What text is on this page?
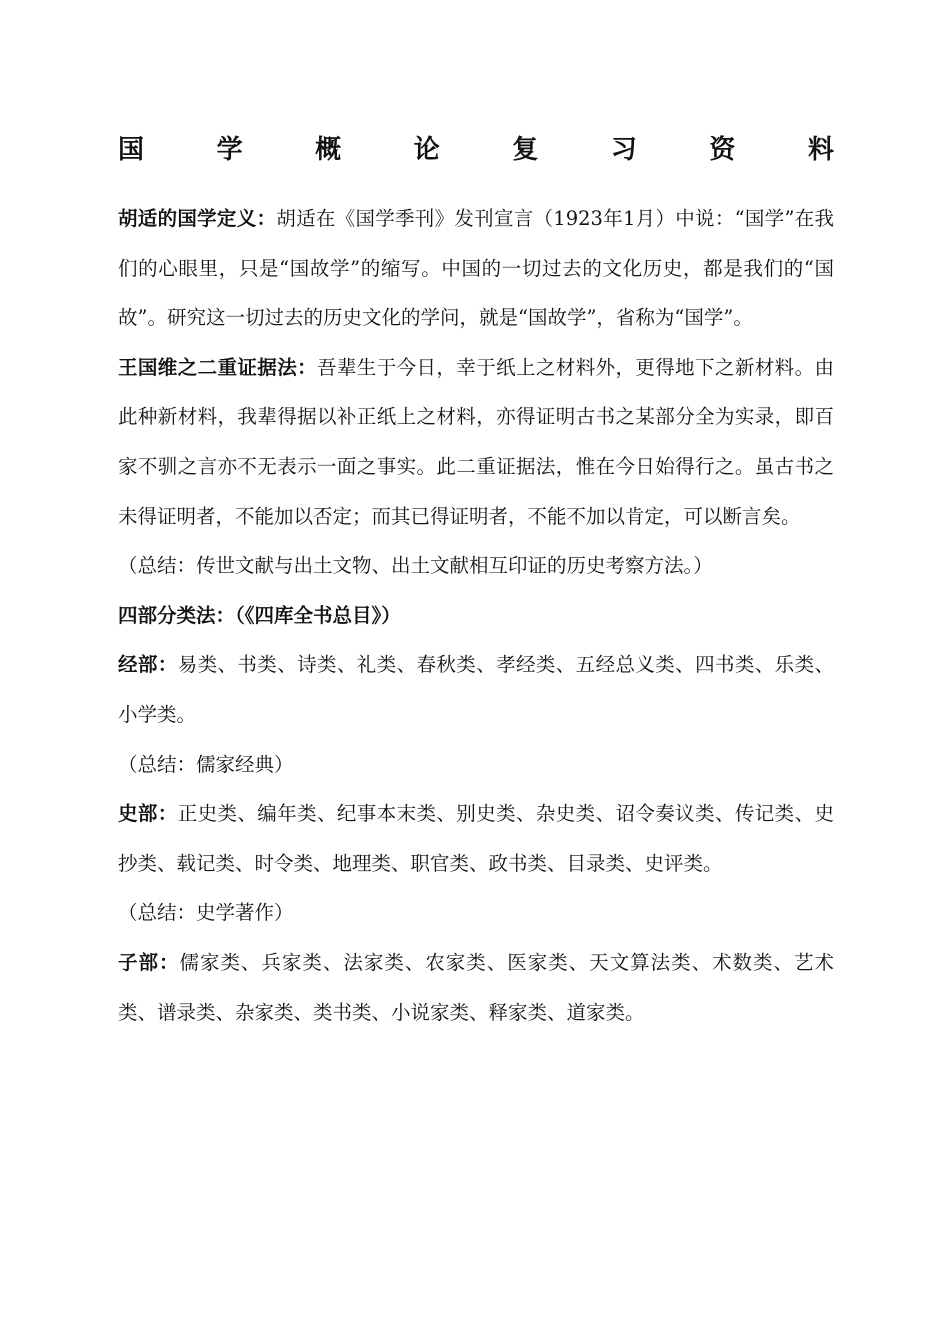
国	学	概	论	复	习	资	料

胡适的国学定义：胡适在《国学季刊》发刊宣言（1923年1月）中说：“国学”在我们的心眼里，只是“国故学”的缩写。中国的一切过去的文化历史，都是我们的“国故”。研究这一切过去的历史文化的学问，就是“国故学”，省称为“国学”。

王国维之二重证据法：吾辈生于今日，幸于纸上之材料外，更得地下之新材料。由此种新材料，我辈得据以补正纸上之材料，亦得证明古书之某部分全为实录，即百家不驯之言亦不无表示一面之事实。此二重证据法，惟在今日始得行之。虽古书之未得证明者，不能加以否定；而其已得证明者，不能不加以肯定，可以断言矣。

（总结：传世文献与出土文物、出土文献相互印证的历史考察方法。）

四部分类法：（《四库全书总目》）

经部：易类、书类、诗类、礼类、春秋类、孝经类、五经总义类、四书类、乐类、小学类。

（总结：儒家经典）

史部：正史类、编年类、纪事本末类、别史类、杂史类、诏令奏议类、传记类、史抄类、载记类、时令类、地理类、职官类、政书类、目录类、史评类。

（总结：史学著作）

子部：儒家类、兵家类、法家类、农家类、医家类、天文算法类、术数类、艺术类、谱录类、杂家类、类书类、小说家类、释家类、道家类。
